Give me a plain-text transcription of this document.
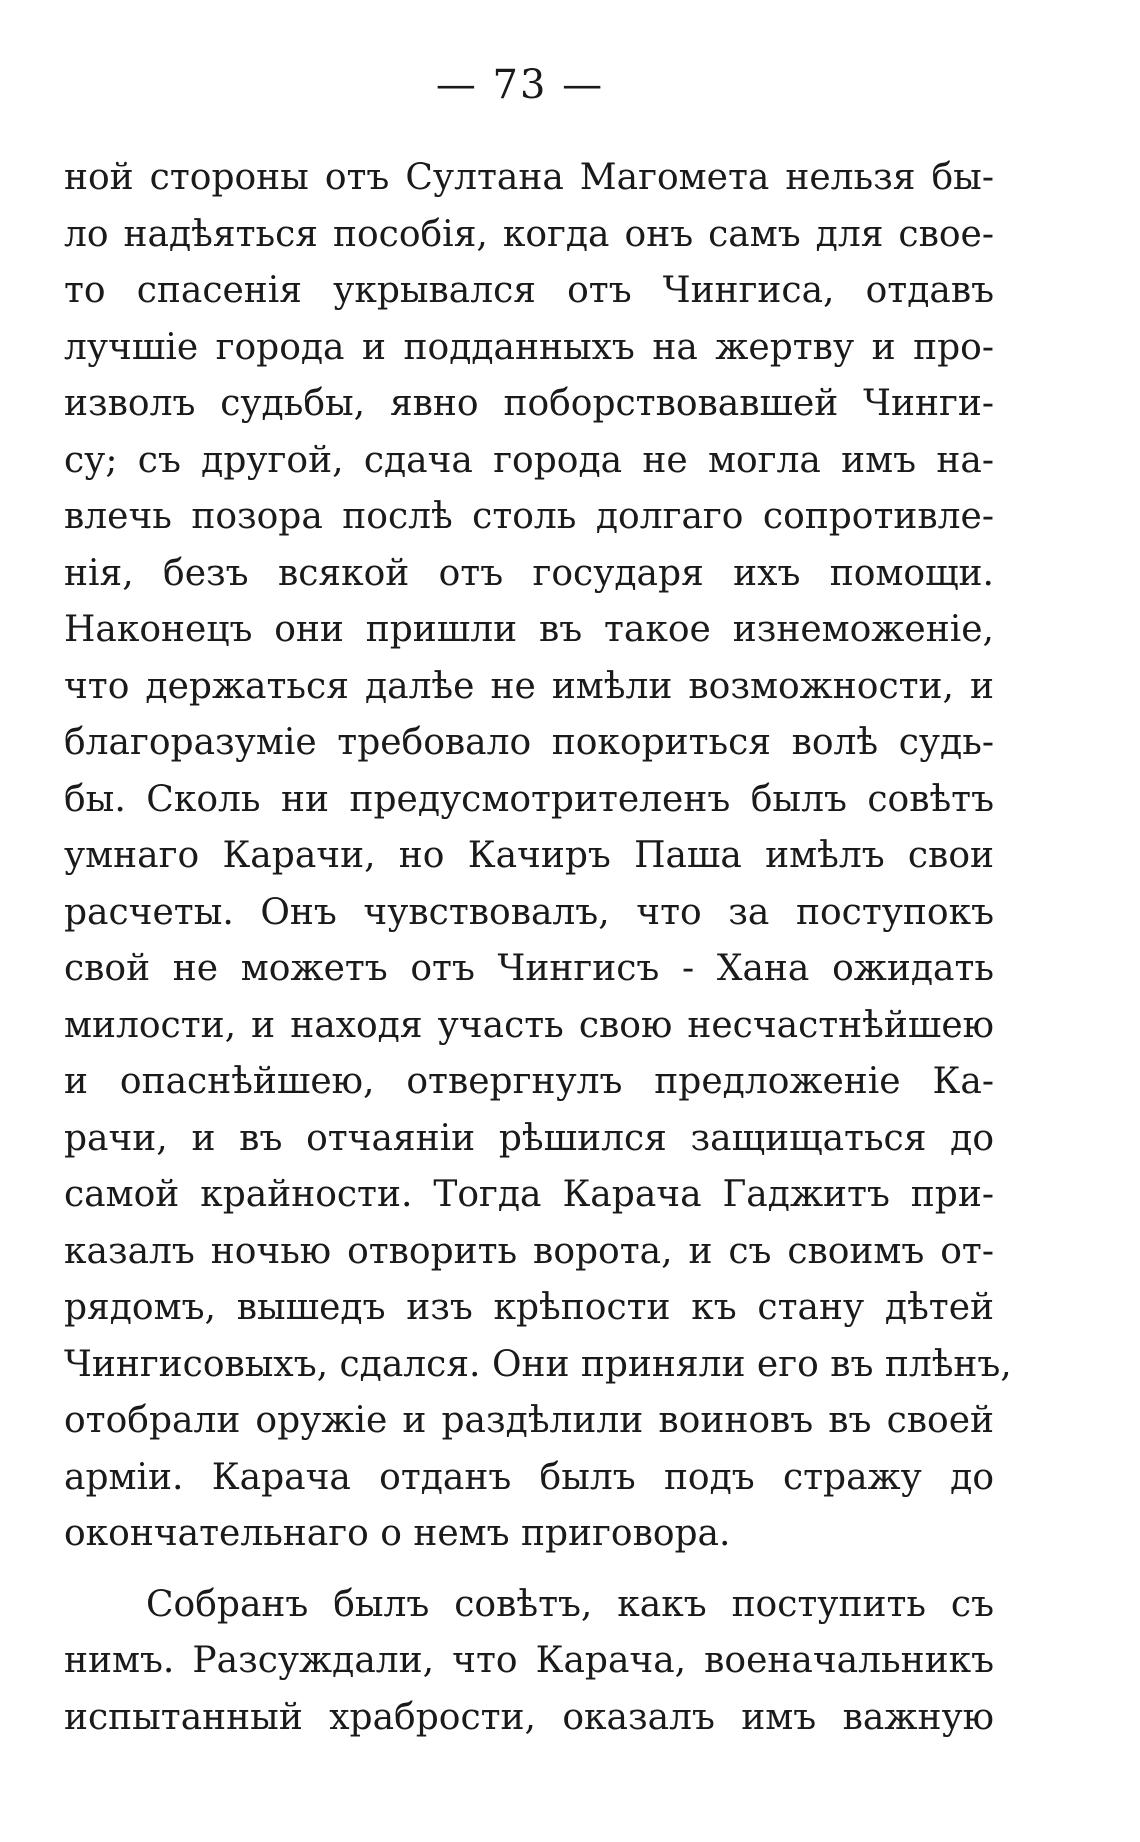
— 73 —
ной стороны отъ Султана Магомета нельзя бы-
ло надѣяться пособія, когда онъ самъ для свое-
то спасенія укрывался отъ Чингиса, отдавъ
лучшіе города и подданныхъ на жертву и про-
изволъ судьбы, явно поборствовавшей Чинги-
су; съ другой, сдача города не могла имъ на-
влечь позора послѣ столь долгаго сопротивле-
нія, безъ всякой отъ государя ихъ помощи.
Наконецъ они пришли въ такое изнеможеніе,
что держаться далѣе не имѣли возможности, и
благоразуміе требовало покориться волѣ судь-
бы. Сколь ни предусмотрителенъ былъ совѣтъ
умнаго Карачи, но Качиръ Паша имѣлъ свои
расчеты. Онъ чувствовалъ, что за поступокъ
свой не можетъ отъ Чингисъ - Хана ожидать
милости, и находя участь свою несчастнѣйшею
и опаснѣйшею, отвергнулъ предложеніе Ка-
рачи, и въ отчаяніи рѣшился защищаться до
самой крайности. Тогда Карача Гаджитъ при-
казалъ ночью отворить ворота, и съ своимъ от-
рядомъ, вышедъ изъ крѣпости къ стану дѣтей
Чингисовыхъ, сдался. Они приняли его въ плѣнъ,
отобрали оружіе и раздѣлили воиновъ въ своей
арміи. Карача отданъ былъ подъ стражу до
окончательнаго о немъ приговора.
Собранъ былъ совѣтъ, какъ поступить съ
нимъ. Разсуждали, что Карача, военачальникъ
испытанный храбрости, оказалъ имъ важную
